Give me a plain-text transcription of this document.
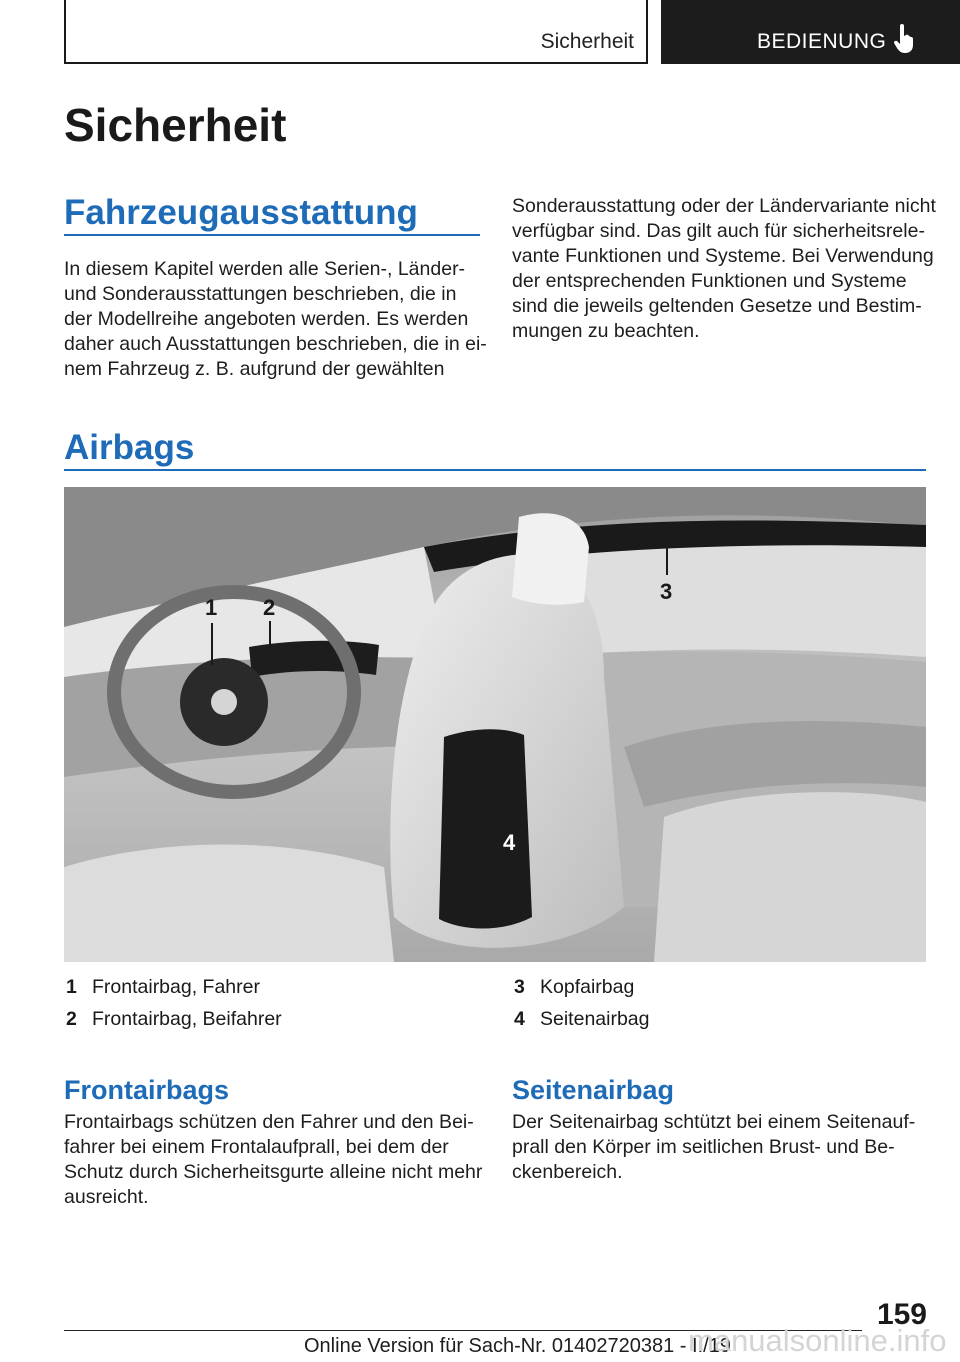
Sicherheit	BEDIENUNG
Sicherheit
Fahrzeugausstattung
In diesem Kapitel werden alle Serien-, Länder-
und Sonderausstattungen beschrieben, die in
der Modellreihe angeboten werden. Es werden
daher auch Ausstattungen beschrieben, die in ei-
nem Fahrzeug z. B. aufgrund der gewählten
Sonderausstattung oder der Ländervariante nicht
verfügbar sind. Das gilt auch für sicherheitsrele-
vante Funktionen und Systeme. Bei Verwendung
der entsprechenden Funktionen und Systeme
sind die jeweils geltenden Gesetze und Bestim-
mungen zu beachten.
Airbags
1 2
3
4
1 Frontairbag, Fahrer
2 Frontairbag, Beifahrer
3 Kopfairbag
4 Seitenairbag
Frontairbags
Frontairbags schützen den Fahrer und den Bei-
fahrer bei einem Frontalaufprall, bei dem der
Schutz durch Sicherheitsgurte alleine nicht mehr
ausreicht.
Seitenairbag
Der Seitenairbag schtützt bei einem Seitenauf-
prall den Körper im seitlichen Brust- und Be-
ckenbereich.
159
Online Version für Sach-Nr. 01402720381 - II/19
manualsonline.info
